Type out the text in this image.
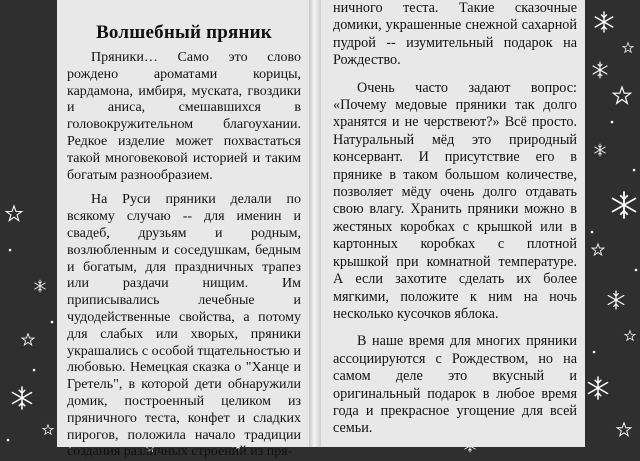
Волшебный пряник

Пряники… Само это слово рождено ароматами корицы, кардамона, имбиря, муската, гвоздики и аниса, смешавшихся в головокружительном благоухании. Редкое изделие может похвастаться такой многовековой историей и таким богатым разнообразием.

На Руси пряники делали по всякому случаю -- для именин и свадеб, друзьям и родным, возлюбленным и соседушкам, бедным и богатым, для праздничных трапез или раздачи нищим. Им приписывались лечебные и чудодейственные свойства, а потому для слабых или хворых, пряники украшались с особой тщательностью и любовью. Немецкая сказка о "Ханце и Гретель", в которой дети обнаружили домик, построенный целиком из пряничного теста, конфет и сладких пирогов, положила начало традиции создания различных строений из пря-

ничного теста. Такие сказочные домики, украшенные снежной сахарной пудрой -- изумительный подарок на Рождество.

Очень часто задают вопрос: «Почему медовые пряники так долго хранятся и не черствеют?» Всё просто. Натуральный мёд это природный консервант. И присутствие его в прянике в таком большом количестве, позволяет мёду очень долго отдавать свою влагу. Хранить пряники можно в жестяных коробках с крышкой или в картонных коробках с плотной крышкой при комнатной температуре. А если захотите сделать их более мягкими, положите к ним на ночь несколько кусочков яблока.

В наше время для многих пряники ассоциируются с Рождеством, но на самом деле это вкусный и оригинальный подарок в любое время года и прекрасное угощение для всей семьи.
